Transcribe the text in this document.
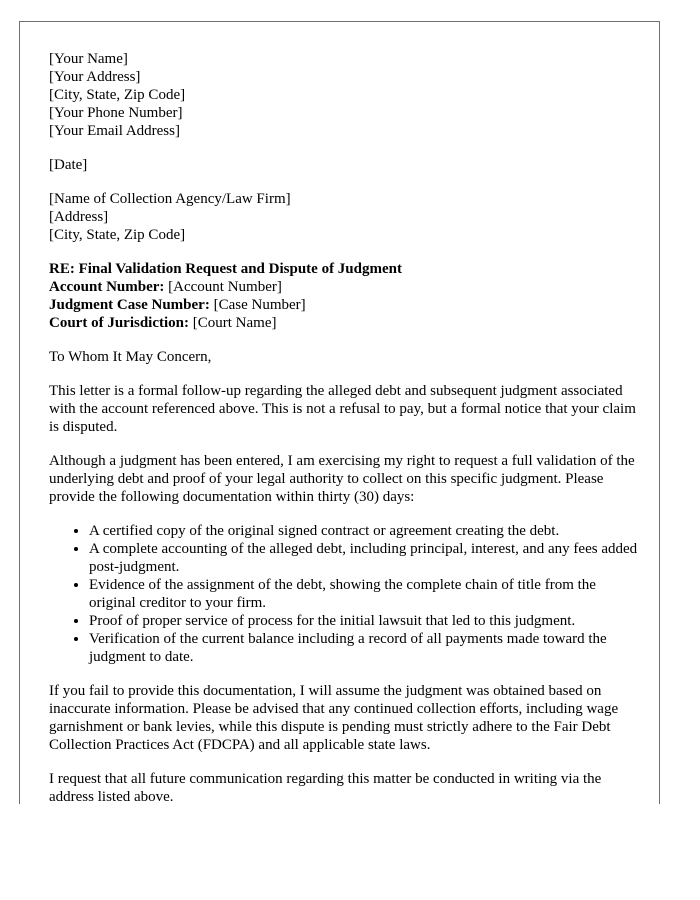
[Your Name]
[Your Address]
[City, State, Zip Code]
[Your Phone Number]
[Your Email Address]
[Date]
[Name of Collection Agency/Law Firm]
[Address]
[City, State, Zip Code]
RE: Final Validation Request and Dispute of Judgment
Account Number: [Account Number]
Judgment Case Number: [Case Number]
Court of Jurisdiction: [Court Name]

To Whom It May Concern,

This letter is a formal follow-up regarding the alleged debt and subsequent judgment associated with the account referenced above. This is not a refusal to pay, but a formal notice that your claim is disputed.

Although a judgment has been entered, I am exercising my right to request a full validation of the underlying debt and proof of your legal authority to collect on this specific judgment. Please provide the following documentation within thirty (30) days:

• A certified copy of the original signed contract or agreement creating the debt.
• A complete accounting of the alleged debt, including principal, interest, and any fees added post-judgment.
• Evidence of the assignment of the debt, showing the complete chain of title from the original creditor to your firm.
• Proof of proper service of process for the initial lawsuit that led to this judgment.
• Verification of the current balance including a record of all payments made toward the judgment to date.

If you fail to provide this documentation, I will assume the judgment was obtained based on inaccurate information. Please be advised that any continued collection efforts, including wage garnishment or bank levies, while this dispute is pending must strictly adhere to the Fair Debt Collection Practices Act (FDCPA) and all applicable state laws.

I request that all future communication regarding this matter be conducted in writing via the address listed above.
